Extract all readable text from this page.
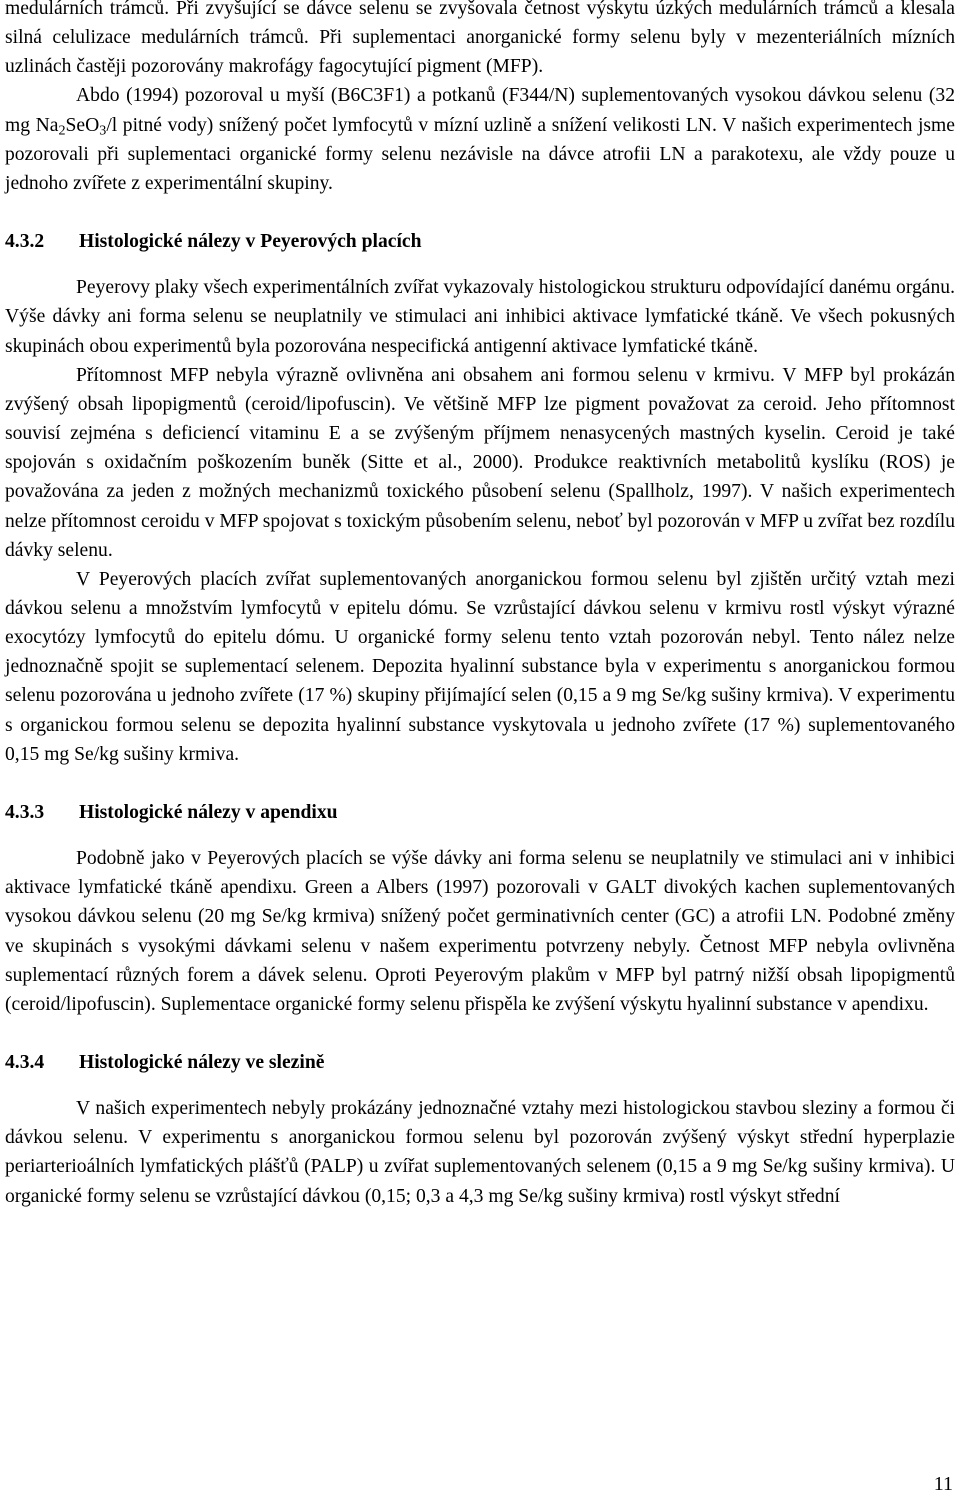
medulárních trámců. Při zvyšující se dávce selenu se zvyšovala četnost výskytu úzkých medulárních trámců a klesala silná celulizace medulárních trámců. Při suplementaci anorganické formy selenu byly v mezenteriálních mízních uzlinách častěji pozorovány makrofágy fagocytující pigment (MFP).

Abdo (1994) pozoroval u myší (B6C3F1) a potkanů (F344/N) suplementovaných vysokou dávkou selenu (32 mg $Na_2SeO_3/l$ pitné vody) snížený počet lymfocytů v mízní uzlině a snížení velikosti LN. V našich experimentech jsme pozorovali při suplementaci organické formy selenu nezávisle na dávce atrofii LN a parakotexu, ale vždy pouze u jednoho zvířete z experimentální skupiny.

4.3.2	Histologické nálezy v Peyerových placích

Peyerovy plaky všech experimentálních zvířat vykazovaly histologickou strukturu odpovídající danému orgánu. Výše dávky ani forma selenu se neuplatnily ve stimulaci ani inhibici aktivace lymfatické tkáně. Ve všech pokusných skupinách obou experimentů byla pozorována nespecifická antigenní aktivace lymfatické tkáně.

Přítomnost MFP nebyla výrazně ovlivněna ani obsahem ani formou selenu v krmivu. V MFP byl prokázán zvýšený obsah lipopigmentů (ceroid/lipofuscin). Ve většině MFP lze pigment považovat za ceroid. Jeho přítomnost souvisí zejména s deficiencí vitaminu E a se zvýšeným příjmem nenasycených mastných kyselin. Ceroid je také spojován s oxidačním poškozením buněk (Sitte et al., 2000). Produkce reaktivních metabolitů kyslíku (ROS) je považována za jeden z možných mechanizmů toxického působení selenu (Spallholz, 1997). V našich experimentech nelze přítomnost ceroidu v MFP spojovat s toxickým působením selenu, neboť byl pozorován v MFP u zvířat bez rozdílu dávky selenu.

V Peyerových placích zvířat suplementovaných anorganickou formou selenu byl zjištěn určitý vztah mezi dávkou selenu a množstvím lymfocytů v epitelu dómu. Se vzrůstající dávkou selenu v krmivu rostl výskyt výrazné exocytózy lymfocytů do epitelu dómu. U organické formy selenu tento vztah pozorován nebyl. Tento nález nelze jednoznačně spojit se suplementací selenem. Depozita hyalinní substance byla v experimentu s anorganickou formou selenu pozorována u jednoho zvířete (17 %) skupiny přijímající selen (0,15 a 9 mg Se/kg sušiny krmiva). V experimentu s organickou formou selenu se depozita hyalinní substance vyskytovala u jednoho zvířete (17 %) suplementovaného 0,15 mg Se/kg sušiny krmiva.

4.3.3	Histologické nálezy v apendixu

Podobně jako v Peyerových placích se výše dávky ani forma selenu se neuplatnily ve stimulaci ani v inhibici aktivace lymfatické tkáně apendixu. Green a Albers (1997) pozorovali v GALT divokých kachen suplementovaných vysokou dávkou selenu (20 mg Se/kg krmiva) snížený počet germinativních center (GC) a atrofii LN. Podobné změny ve skupinách s vysokými dávkami selenu v našem experimentu potvrzeny nebyly. Četnost MFP nebyla ovlivněna suplementací různých forem a dávek selenu. Oproti Peyerovým plakům v MFP byl patrný nižší obsah lipopigmentů (ceroid/lipofuscin). Suplementace organické formy selenu přispěla ke zvýšení výskytu hyalinní substance v apendixu.

4.3.4	Histologické nálezy ve slezině

V našich experimentech nebyly prokázány jednoznačné vztahy mezi histologickou stavbou sleziny a formou či dávkou selenu. V experimentu s anorganickou formou selenu byl pozorován zvýšený výskyt střední hyperplazie periarterioálních lymfatických plášťů (PALP) u zvířat suplementovaných selenem (0,15 a 9 mg Se/kg sušiny krmiva). U organické formy selenu se vzrůstající dávkou (0,15; 0,3 a 4,3 mg Se/kg sušiny krmiva) rostl výskyt střední

11
